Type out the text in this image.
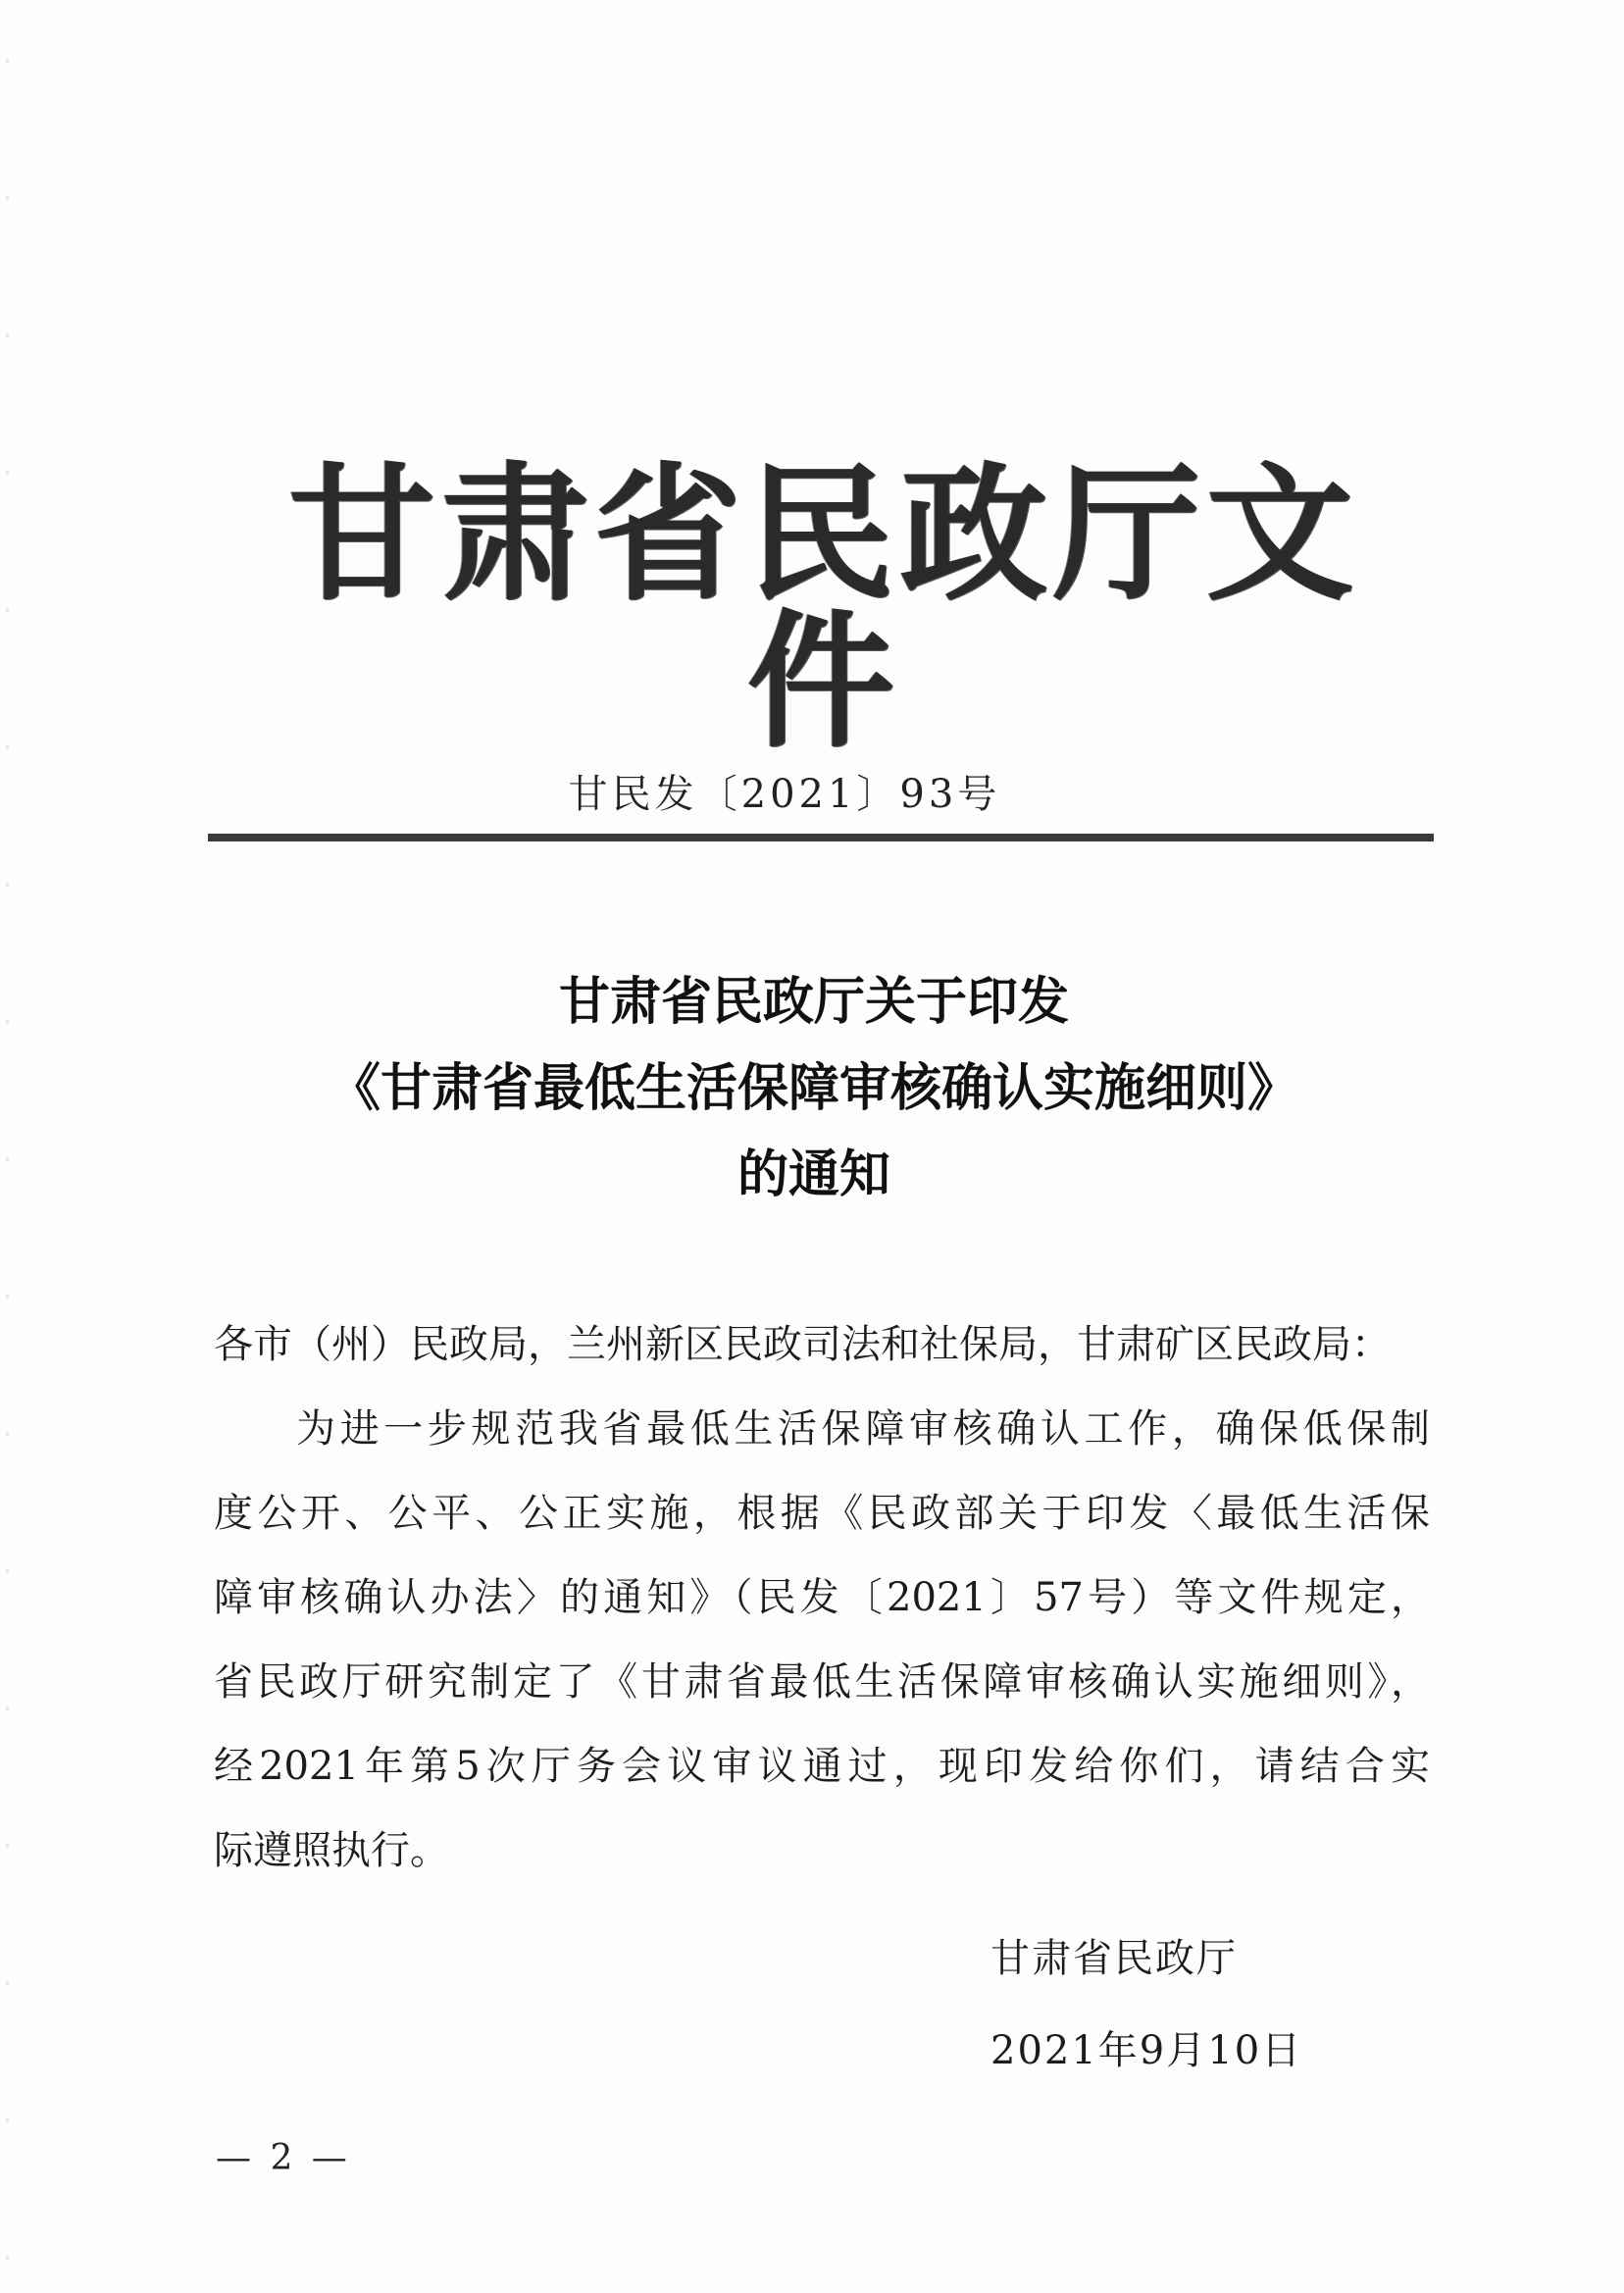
甘肃省民政厅文件
甘民发〔2021〕93号
甘肃省民政厅关于印发
《甘肃省最低生活保障审核确认实施细则》
的通知
各市（州）民政局，兰州新区民政司法和社保局，甘肃矿区民政局：
为进一步规范我省最低生活保障审核确认工作，确保低保制
度公开、公平、公正实施，根据《民政部关于印发〈最低生活保
障审核确认办法〉的通知》（民发〔2021〕57号）等文件规定，
省民政厅研究制定了《甘肃省最低生活保障审核确认实施细则》，
经2021年第5次厅务会议审议通过，现印发给你们，请结合实
际遵照执行。
甘肃省民政厅
2021年9月10日
— 2 —
